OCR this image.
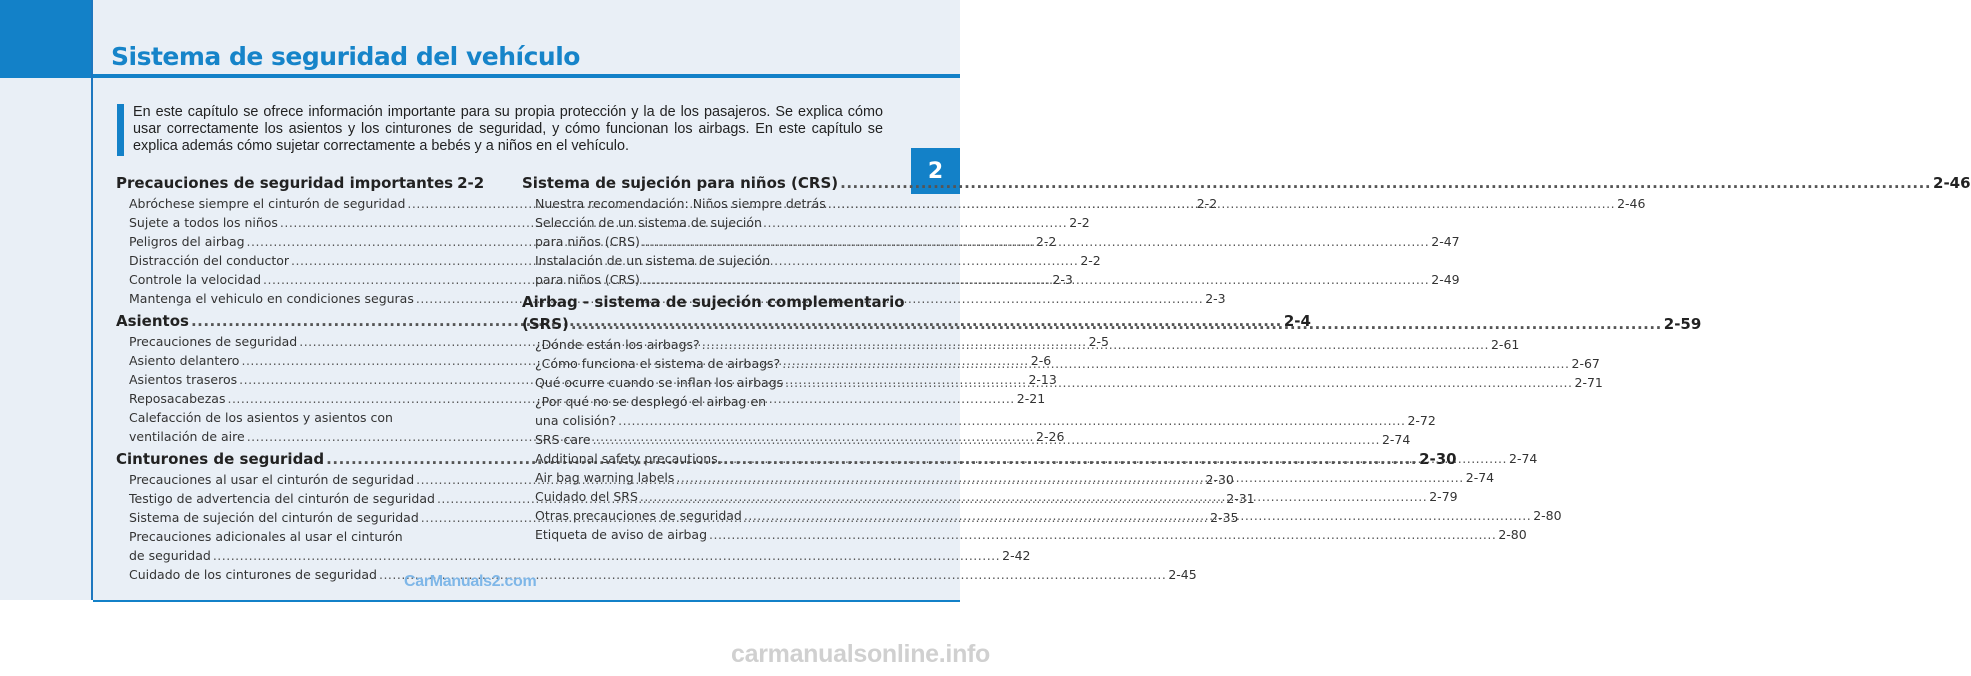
Sistema de seguridad del vehículo
2

En este capítulo se ofrece información importante para su propia protección y la de los pasajeros. Se explica cómo usar correctamente los asientos y los cinturones de seguridad, y cómo funcionan los airbags. En este capítulo se explica además cómo sujetar correctamente a bebés y a niños en el vehículo.

Precauciones de seguridad importantes 2-2
Abróchese siempre el cinturón de seguridad .....	2-2
Sujete a todos los niños .....	2-2
Peligros del airbag .....	2-2
Distracción del conductor .....	2-2
Controle la velocidad .....	2-3
Mantenga el vehiculo en condiciones seguras .....	2-3
Asientos .....	2-4
Precauciones de seguridad .....	2-5
Asiento delantero .....	2-6
Asientos traseros .....	2-13
Reposacabezas .....	2-21
Calefacción de los asientos y asientos con
ventilación de aire .....	2-26
Cinturones de seguridad .....	2-30
Precauciones al usar el cinturón de seguridad .....	2-30
Testigo de advertencia del cinturón de seguridad .....	2-31
Sistema de sujeción del cinturón de seguridad .....	2-35
Precauciones adicionales al usar el cinturón
de seguridad .....	2-42
Cuidado de los cinturones de seguridad .....	2-45
Sistema de sujeción para niños (CRS) .....	2-46
Nuestra recomendación: Niños siempre detrás .....	2-46
Selección de un sistema de sujeción
para niños (CRS) .....	2-47
Instalación de un sistema de sujeción
para niños (CRS) .....	2-49
Airbag - sistema de sujeción complementario
(SRS) .....	2-59
¿Dónde están los airbags? .....	2-61
¿Cómo funciona el sistema de airbags? .....	2-67
Qué ocurre cuando se inflan los airbags .....	2-71
¿Por qué no se desplegó el airbag en
una colisión? .....	2-72
SRS care .....	2-74
Additional safety precautions .....	2-74
Air bag warning labels .....	2-74
Cuidado del SRS .....	2-79
Otras precauciones de seguridad .....	2-80
Etiqueta de aviso de airbag .....	2-80
CarManuals2.com
carmanualsonline.info
